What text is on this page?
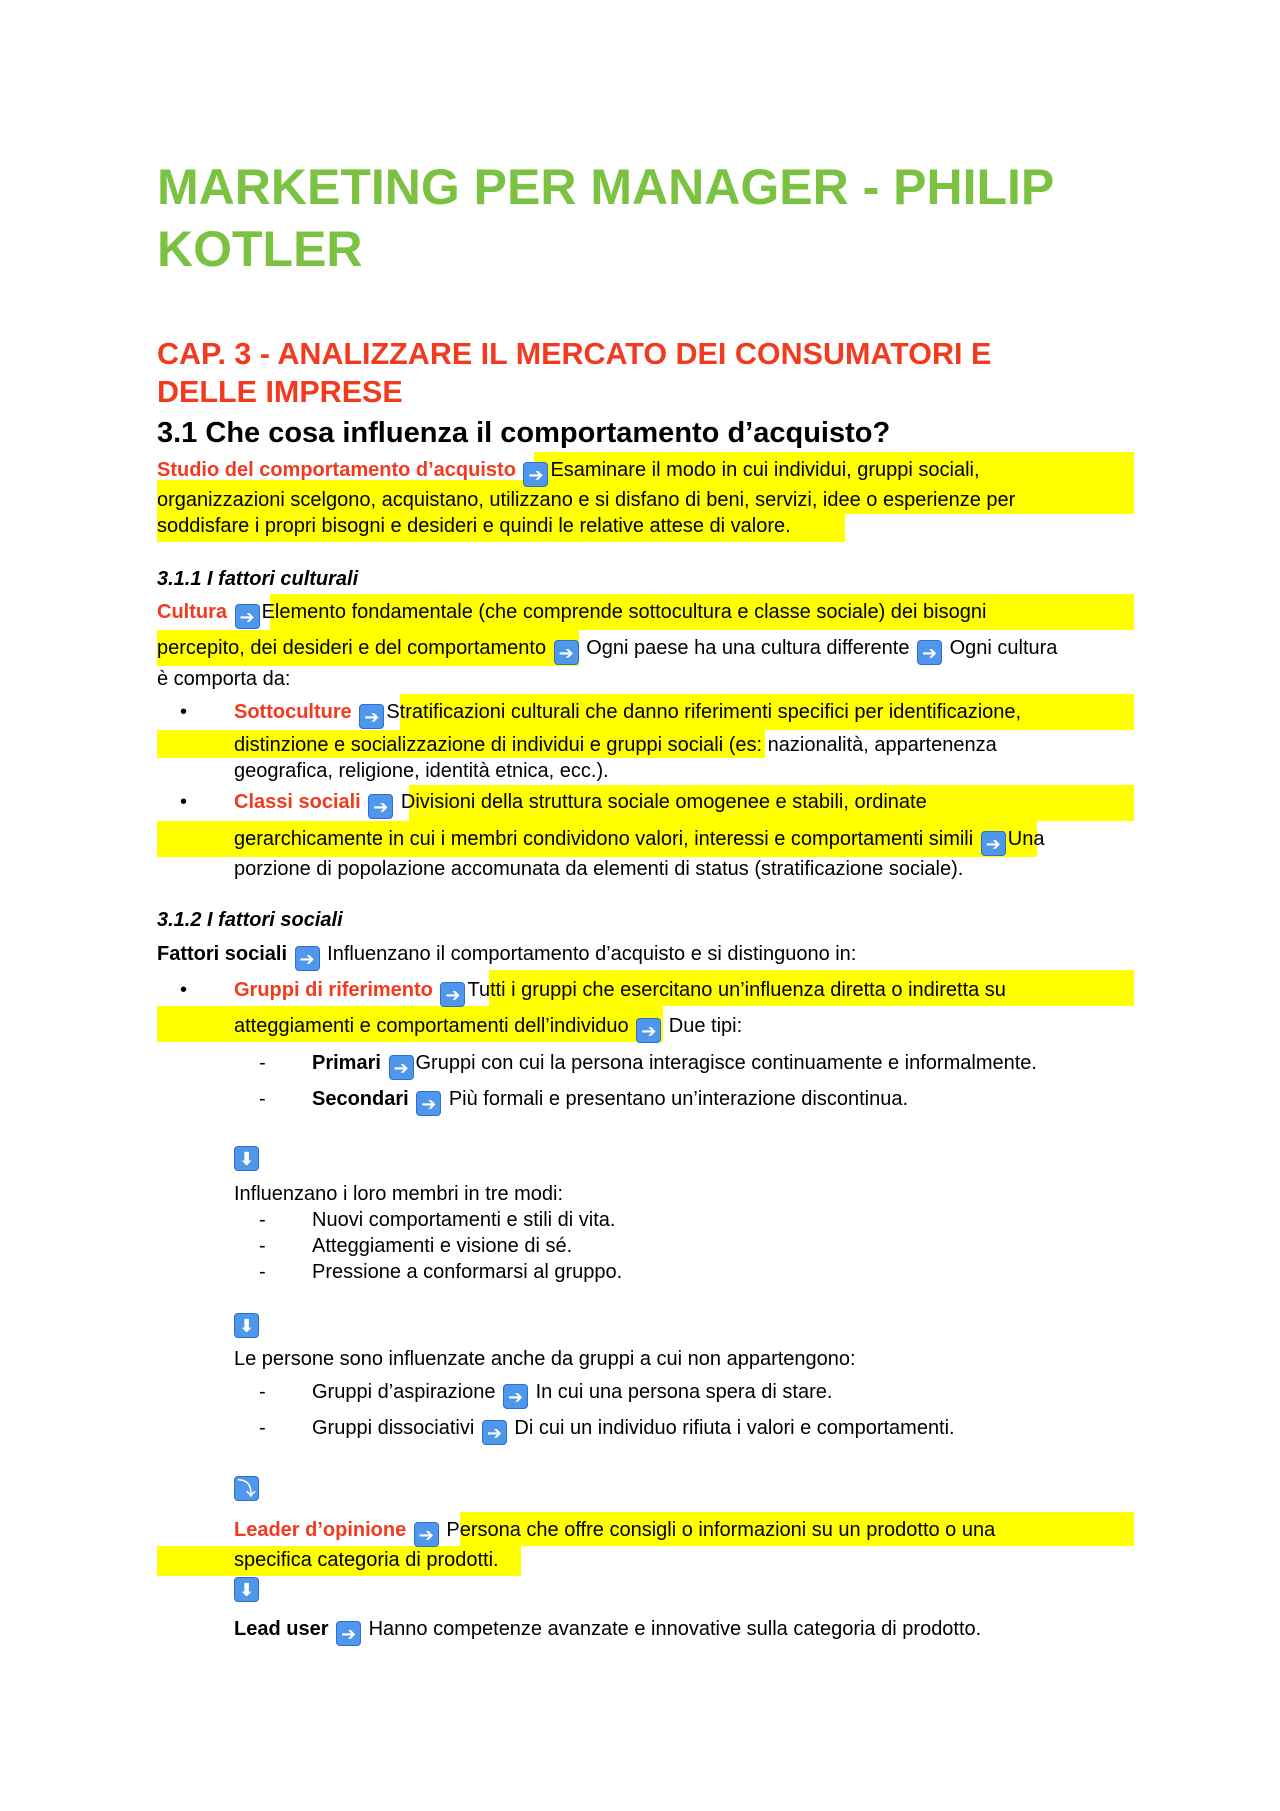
MARKETING PER MANAGER - PHILIP
KOTLER
CAP. 3 - ANALIZZARE IL MERCATO DEI CONSUMATORI E
DELLE IMPRESE
3.1 Che cosa influenza il comportamento d’acquisto?
Studio del comportamento d’acquisto ➔ Esaminare il modo in cui individui, gruppi sociali,
organizzazioni scelgono, acquistano, utilizzano e si disfano di beni, servizi, idee o esperienze per
soddisfare i propri bisogni e desideri e quindi le relative attese di valore.
3.1.1 I fattori culturali
Cultura ➔ Elemento fondamentale (che comprende sottocultura e classe sociale) dei bisogni
percepito, dei desideri e del comportamento ➔ Ogni paese ha una cultura differente ➔ Ogni cultura
è comporta da:
• Sottoculture ➔ Stratificazioni culturali che danno riferimenti specifici per identificazione,
distinzione e socializzazione di individui e gruppi sociali (es: nazionalità, appartenenza
geografica, religione, identità etnica, ecc.).
• Classi sociali ➔ Divisioni della struttura sociale omogenee e stabili, ordinate
gerarchicamente in cui i membri condividono valori, interessi e comportamenti simili ➔ Una
porzione di popolazione accomunata da elementi di status (stratificazione sociale).
3.1.2 I fattori sociali
Fattori sociali ➔ Influenzano il comportamento d’acquisto e si distinguono in:
• Gruppi di riferimento ➔ Tutti i gruppi che esercitano un’influenza diretta o indiretta su
atteggiamenti e comportamenti dell’individuo ➔ Due tipi:
- Primari ➔ Gruppi con cui la persona interagisce continuamente e informalmente.
- Secondari ➔ Più formali e presentano un’interazione discontinua.
⬇
Influenzano i loro membri in tre modi:
- Nuovi comportamenti e stili di vita.
- Atteggiamenti e visione di sé.
- Pressione a conformarsi al gruppo.
⬇
Le persone sono influenzate anche da gruppi a cui non appartengono:
- Gruppi d’aspirazione ➔ In cui una persona spera di stare.
- Gruppi dissociativi ➔ Di cui un individuo rifiuta i valori e comportamenti.
⤵
Leader d’opinione ➔ Persona che offre consigli o informazioni su un prodotto o una
specifica categoria di prodotti.
⬇
Lead user ➔ Hanno competenze avanzate e innovative sulla categoria di prodotto.
